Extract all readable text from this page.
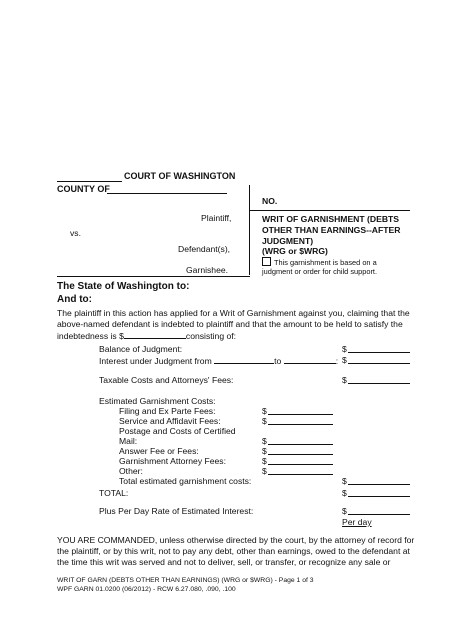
COURT OF WASHINGTON
COUNTY OF
NO.
Plaintiff,
vs.
Defendant(s),
Garnishee.
WRIT OF GARNISHMENT (DEBTS
OTHER THAN EARNINGS--AFTER
JUDGMENT)
(WRG or $WRG)
This garnishment is based on a
judgment or order for child support.
The State of Washington to:
And to:
The plaintiff in this action has applied for a Writ of Garnishment against you, claiming that the
above-named defendant is indebted to plaintiff and that the amount to be held to satisfy the
indebtedness is $	consisting of:
Balance of Judgment:	$
Interest under Judgment from	to	: $
Taxable Costs and Attorneys' Fees:	$
Estimated Garnishment Costs:
Filing and Ex Parte Fees:	$
Service and Affidavit Fees:	$
Postage and Costs of Certified
Mail:	$
Answer Fee or Fees:	$
Garnishment Attorney Fees:	$
Other:	$
Total estimated garnishment costs:	$
TOTAL:	$
Plus Per Day Rate of Estimated Interest:	$
Per day
YOU ARE COMMANDED, unless otherwise directed by the court, by the attorney of record for
the plaintiff, or by this writ, not to pay any debt, other than earnings, owed to the defendant at
the time this writ was served and not to deliver, sell, or transfer, or recognize any sale or
WRIT OF GARN (DEBTS OTHER THAN EARNINGS) (WRG or $WRG) - Page 1 of 3
WPF GARN 01.0200 (06/2012) - RCW 6.27.080, .090, .100
